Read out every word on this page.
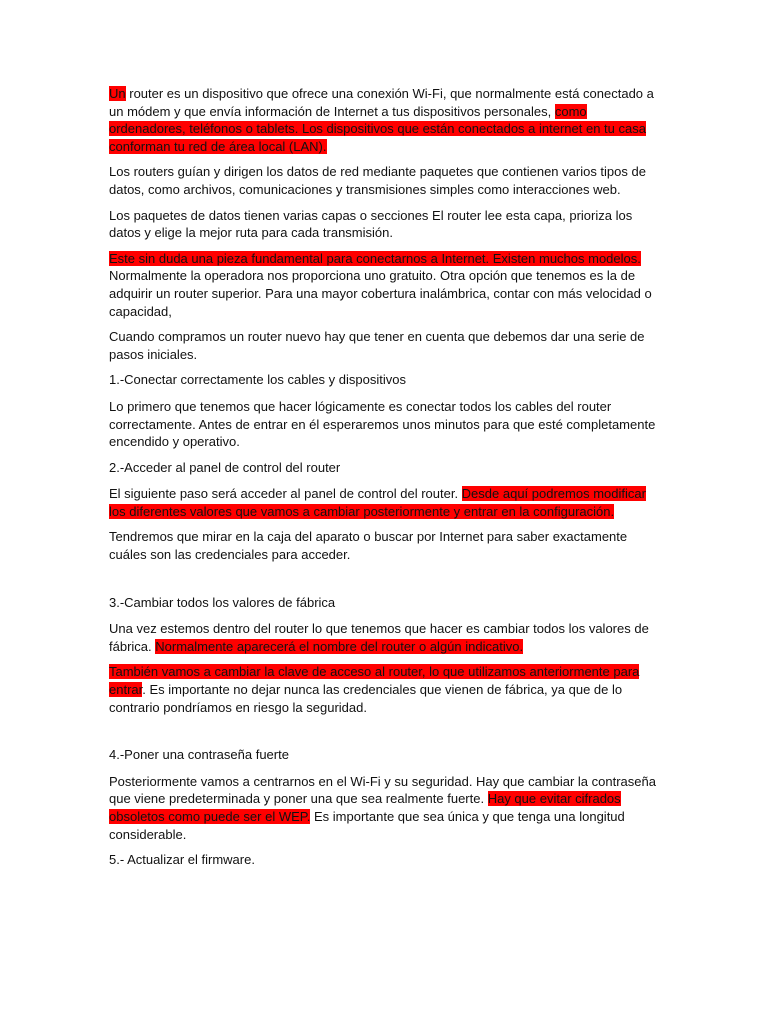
Un router es un dispositivo que ofrece una conexión Wi-Fi, que normalmente está conectado a un módem y que envía información de Internet a tus dispositivos personales, como ordenadores, teléfonos o tablets. Los dispositivos que están conectados a internet en tu casa conforman tu red de área local (LAN).

Los routers guían y dirigen los datos de red mediante paquetes que contienen varios tipos de datos, como archivos, comunicaciones y transmisiones simples como interacciones web.

Los paquetes de datos tienen varias capas o secciones El router lee esta capa, prioriza los datos y elige la mejor ruta para cada transmisión.

Este sin duda una pieza fundamental para conectarnos a Internet. Existen muchos modelos. Normalmente la operadora nos proporciona uno gratuito. Otra opción que tenemos es la de adquirir un router superior. Para una mayor cobertura inalámbrica, contar con más velocidad o capacidad,

Cuando compramos un router nuevo hay que tener en cuenta que debemos dar una serie de pasos iniciales.

1.-Conectar correctamente los cables y dispositivos

Lo primero que tenemos que hacer lógicamente es conectar todos los cables del router correctamente. Antes de entrar en él esperaremos unos minutos para que esté completamente encendido y operativo.

2.-Acceder al panel de control del router

El siguiente paso será acceder al panel de control del router. Desde aquí podremos modificar los diferentes valores que vamos a cambiar posteriormente y entrar en la configuración.

Tendremos que mirar en la caja del aparato o buscar por Internet para saber exactamente cuáles son las credenciales para acceder.

3.-Cambiar todos los valores de fábrica

Una vez estemos dentro del router lo que tenemos que hacer es cambiar todos los valores de fábrica. Normalmente aparecerá el nombre del router o algún indicativo.

También vamos a cambiar la clave de acceso al router, lo que utilizamos anteriormente para entrar. Es importante no dejar nunca las credenciales que vienen de fábrica, ya que de lo contrario pondríamos en riesgo la seguridad.

4.-Poner una contraseña fuerte

Posteriormente vamos a centrarnos en el Wi-Fi y su seguridad. Hay que cambiar la contraseña que viene predeterminada y poner una que sea realmente fuerte. Hay que evitar cifrados obsoletos como puede ser el WEP. Es importante que sea única y que tenga una longitud considerable.

5.- Actualizar el firmware.
